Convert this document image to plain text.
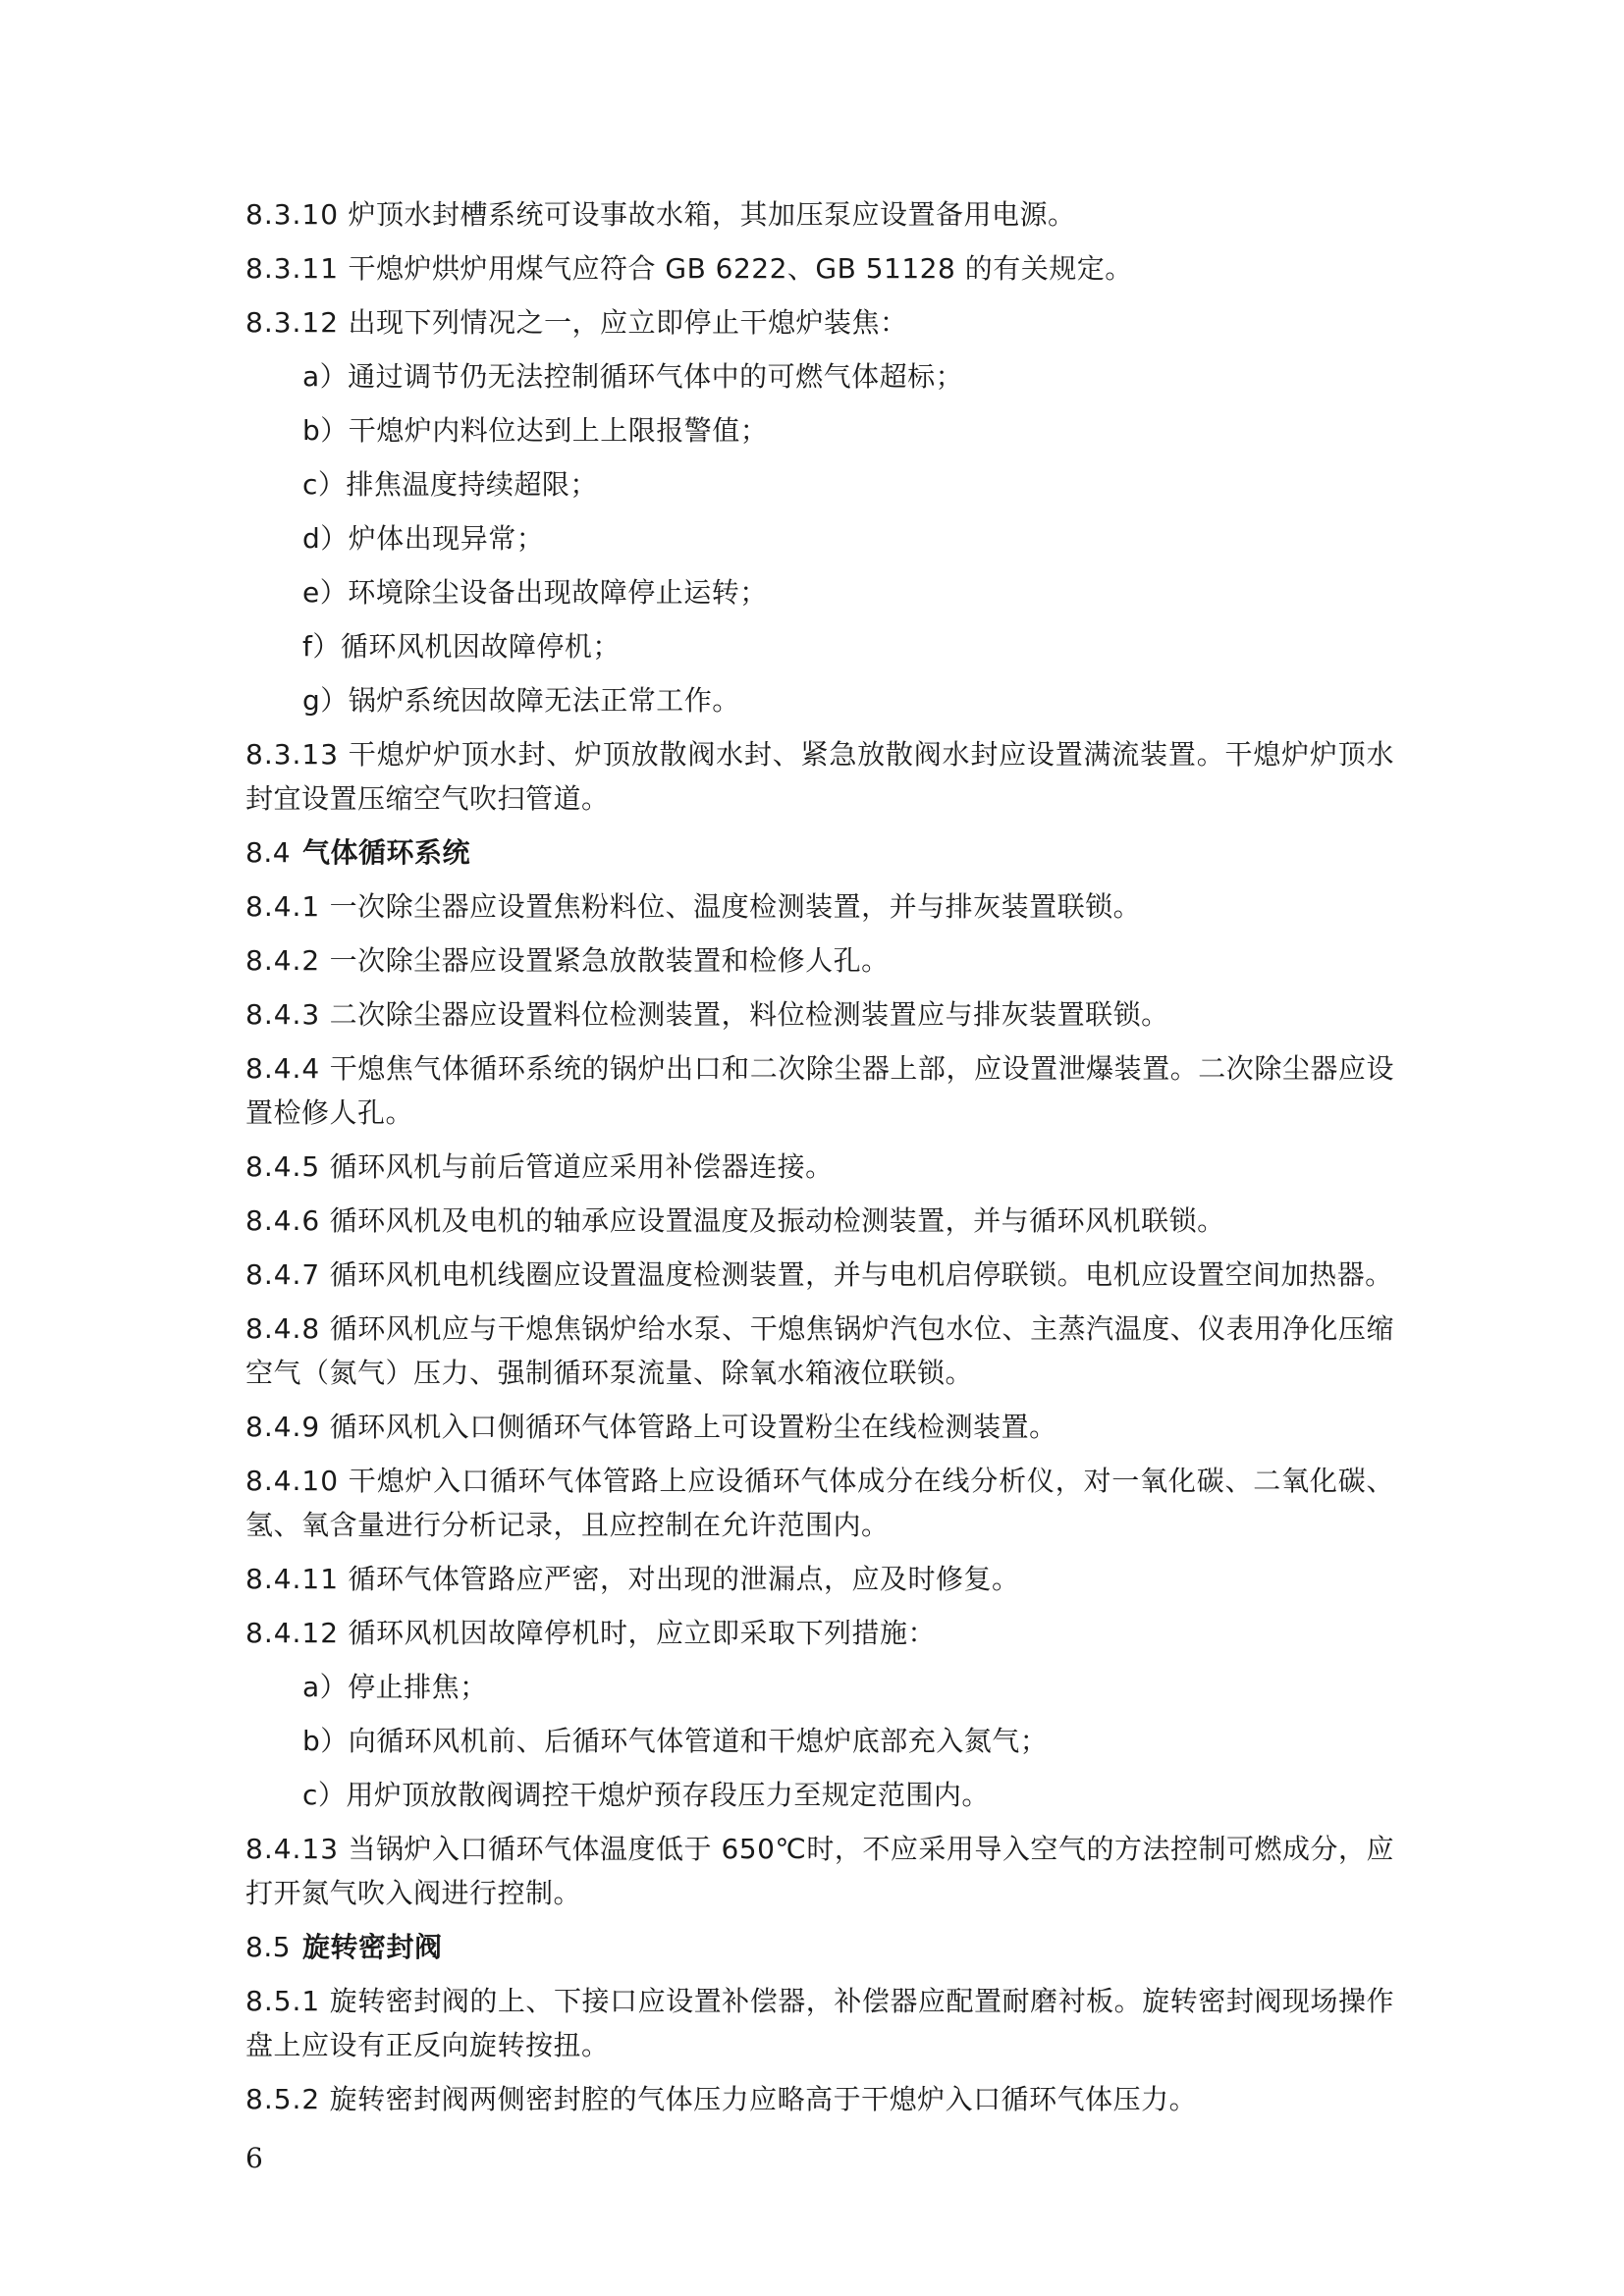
8.3.10 炉顶水封槽系统可设事故水箱，其加压泵应设置备用电源。
8.3.11 干熄炉烘炉用煤气应符合 GB 6222、GB 51128 的有关规定。
8.3.12 出现下列情况之一，应立即停止干熄炉装焦：
a）通过调节仍无法控制循环气体中的可燃气体超标；
b）干熄炉内料位达到上上限报警值；
c）排焦温度持续超限；
d）炉体出现异常；
e）环境除尘设备出现故障停止运转；
f）循环风机因故障停机；
g）锅炉系统因故障无法正常工作。
8.3.13 干熄炉炉顶水封、炉顶放散阀水封、紧急放散阀水封应设置满流装置。干熄炉炉顶水封宜设置压缩空气吹扫管道。
8.4 气体循环系统
8.4.1 一次除尘器应设置焦粉料位、温度检测装置，并与排灰装置联锁。
8.4.2 一次除尘器应设置紧急放散装置和检修人孔。
8.4.3 二次除尘器应设置料位检测装置，料位检测装置应与排灰装置联锁。
8.4.4 干熄焦气体循环系统的锅炉出口和二次除尘器上部，应设置泄爆装置。二次除尘器应设置检修人孔。
8.4.5 循环风机与前后管道应采用补偿器连接。
8.4.6 循环风机及电机的轴承应设置温度及振动检测装置，并与循环风机联锁。
8.4.7 循环风机电机线圈应设置温度检测装置，并与电机启停联锁。电机应设置空间加热器。
8.4.8 循环风机应与干熄焦锅炉给水泵、干熄焦锅炉汽包水位、主蒸汽温度、仪表用净化压缩空气（氮气）压力、强制循环泵流量、除氧水箱液位联锁。
8.4.9 循环风机入口侧循环气体管路上可设置粉尘在线检测装置。
8.4.10 干熄炉入口循环气体管路上应设循环气体成分在线分析仪，对一氧化碳、二氧化碳、氢、氧含量进行分析记录，且应控制在允许范围内。
8.4.11 循环气体管路应严密，对出现的泄漏点，应及时修复。
8.4.12 循环风机因故障停机时，应立即采取下列措施：
a）停止排焦；
b）向循环风机前、后循环气体管道和干熄炉底部充入氮气；
c）用炉顶放散阀调控干熄炉预存段压力至规定范围内。
8.4.13 当锅炉入口循环气体温度低于 650℃时，不应采用导入空气的方法控制可燃成分，应打开氮气吹入阀进行控制。
8.5 旋转密封阀
8.5.1 旋转密封阀的上、下接口应设置补偿器，补偿器应配置耐磨衬板。旋转密封阀现场操作盘上应设有正反向旋转按扭。
8.5.2 旋转密封阀两侧密封腔的气体压力应略高于干熄炉入口循环气体压力。
6
